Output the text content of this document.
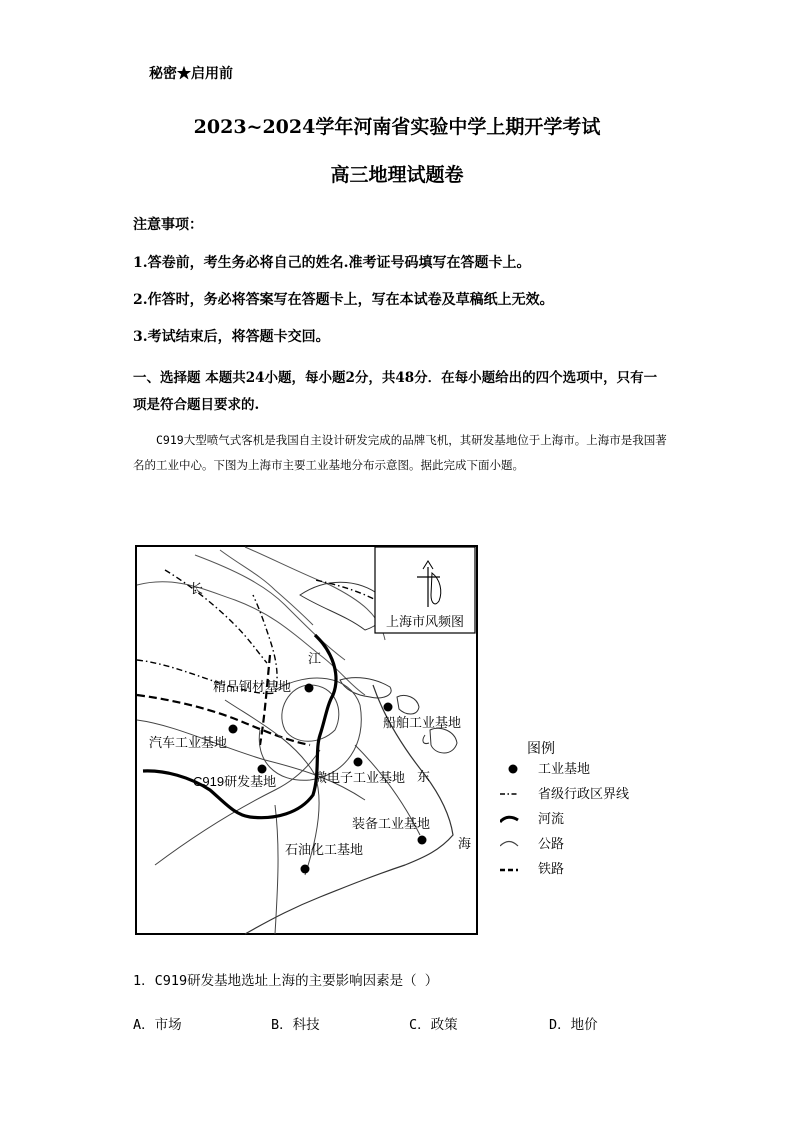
秘密★启用前
2023~2024学年河南省实验中学上期开学考试
高三地理试题卷
注意事项：
1.答卷前，考生务必将自己的姓名.准考证号码填写在答题卡上。
2.作答时，务必将答案写在答题卡上，写在本试卷及草稿纸上无效。
3.考试结束后，将答题卡交回。
一、选择题 本题共24小题，每小题2分，共48分．在每小题给出的四个选项中，只有一项是符合题目要求的.
C919大型喷气式客机是我国自主设计研发完成的品牌飞机，其研发基地位于上海市。上海市是我国著名的工业中心。下图为上海市主要工业基地分布示意图。据此完成下面小题。
上海市风频图
长
江
东
海
精品钢材基地
船舶工业基地
汽车工业基地
C919研发基地	微电子工业基地
装备工业基地
石油化工基地
图例
工业基地
省级行政区界线
河流
公路
铁路
1．C919研发基地选址上海的主要影响因素是（ ）
A．市场	B．科技	C．政策	D．地价
